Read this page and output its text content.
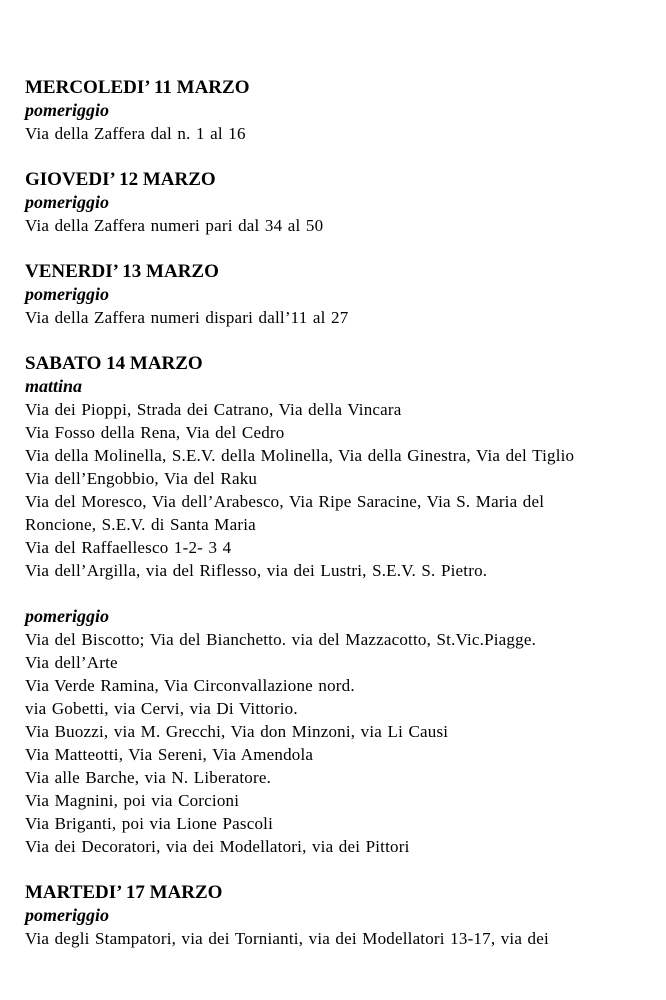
MERCOLEDI’ 11 MARZO
pomeriggio
Via della Zaffera dal n. 1 al 16
GIOVEDI’ 12 MARZO
pomeriggio
Via della Zaffera numeri pari dal 34 al 50
VENERDI’ 13 MARZO
pomeriggio
Via della Zaffera numeri dispari dall’11 al 27
SABATO 14 MARZO
mattina
Via dei Pioppi, Strada dei Catrano, Via della Vincara
Via Fosso della Rena, Via del Cedro
Via della Molinella, S.E.V. della Molinella, Via della Ginestra, Via del Tiglio
Via dell’Engobbio, Via del Raku
Via del Moresco, Via dell’Arabesco, Via Ripe Saracine, Via S. Maria del
Roncione, S.E.V. di Santa Maria
Via del Raffaellesco 1-2- 3 4
Via dell’Argilla, via del Riflesso, via dei Lustri, S.E.V. S. Pietro.
pomeriggio
Via del Biscotto; Via del Bianchetto. via del Mazzacotto, St.Vic.Piagge.
Via dell’Arte
Via Verde Ramina, Via Circonvallazione nord.
via Gobetti, via Cervi, via Di Vittorio.
Via Buozzi, via M. Grecchi, Via don Minzoni, via Li Causi
Via Matteotti, Via Sereni, Via Amendola
Via alle Barche, via N. Liberatore.
Via Magnini, poi via Corcioni
Via Briganti, poi via Lione Pascoli
Via dei Decoratori, via dei Modellatori, via dei Pittori
MARTEDI’ 17 MARZO
pomeriggio
Via degli Stampatori, via dei Tornianti, via dei Modellatori 13-17, via dei
